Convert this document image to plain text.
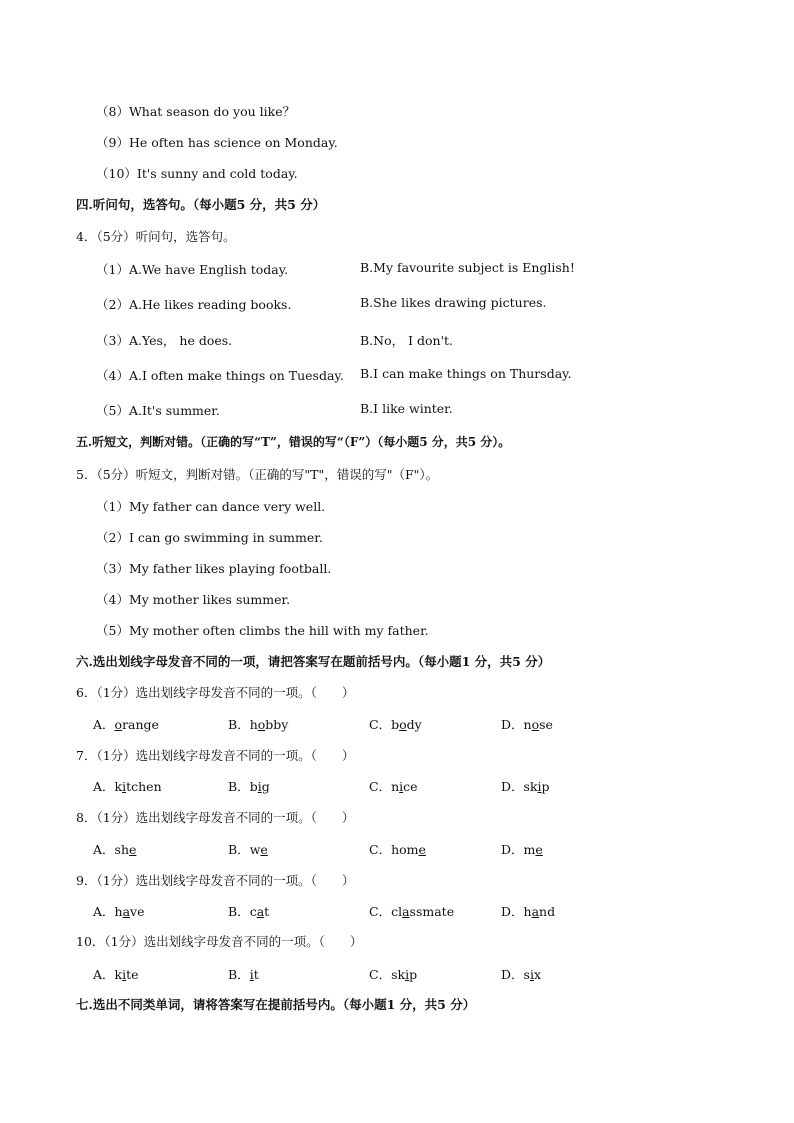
（8）What season do you like？
（9）He often has science on Monday.
（10）It's sunny and cold today.
四.听问句，选答句。（每小题5 分，共5 分）
4．（5分）听问句，选答句。
（1）A.We have English today.	B.My favourite subject is English!
（2）A.He likes reading books.	B.She likes drawing pictures.
（3）A.Yes， he does.	B.No， I don't.
（4）A.I often make things on Tuesday. B.I can make things on Thursday.
（5）A.It's summer.	B.I like winter.
五.听短文，判断对错。（正确的写“T”，错误的写“（F”）（每小题5 分，共5 分）。
5．（5分）听短文，判断对错。（正确的写"T"，错误的写"（F"）。
（1）My father can dance very well.
（2）I can go swimming in summer.
（3）My father likes playing football.
（4）My mother likes summer.
（5）My mother often climbs the hill with my father.
六.选出划线字母发音不同的一项，请把答案写在题前括号内。（每小题1 分，共5 分）
6．（1分）选出划线字母发音不同的一项。（　　）
A．orange	B．hobby	C．body	D．nose
7．（1分）选出划线字母发音不同的一项。（　　）
A．kitchen	B．big	C．nice	D．skip
8．（1分）选出划线字母发音不同的一项。（　　）
A．she	B．we	C．home	D．me
9．（1分）选出划线字母发音不同的一项。（　　）
A．have	B．cat	C．classmate	D．hand
10．（1分）选出划线字母发音不同的一项。（　　）
A．kite	B．it	C．skip	D．six
七.选出不同类单词，请将答案写在提前括号内。（每小题1 分，共5 分）
